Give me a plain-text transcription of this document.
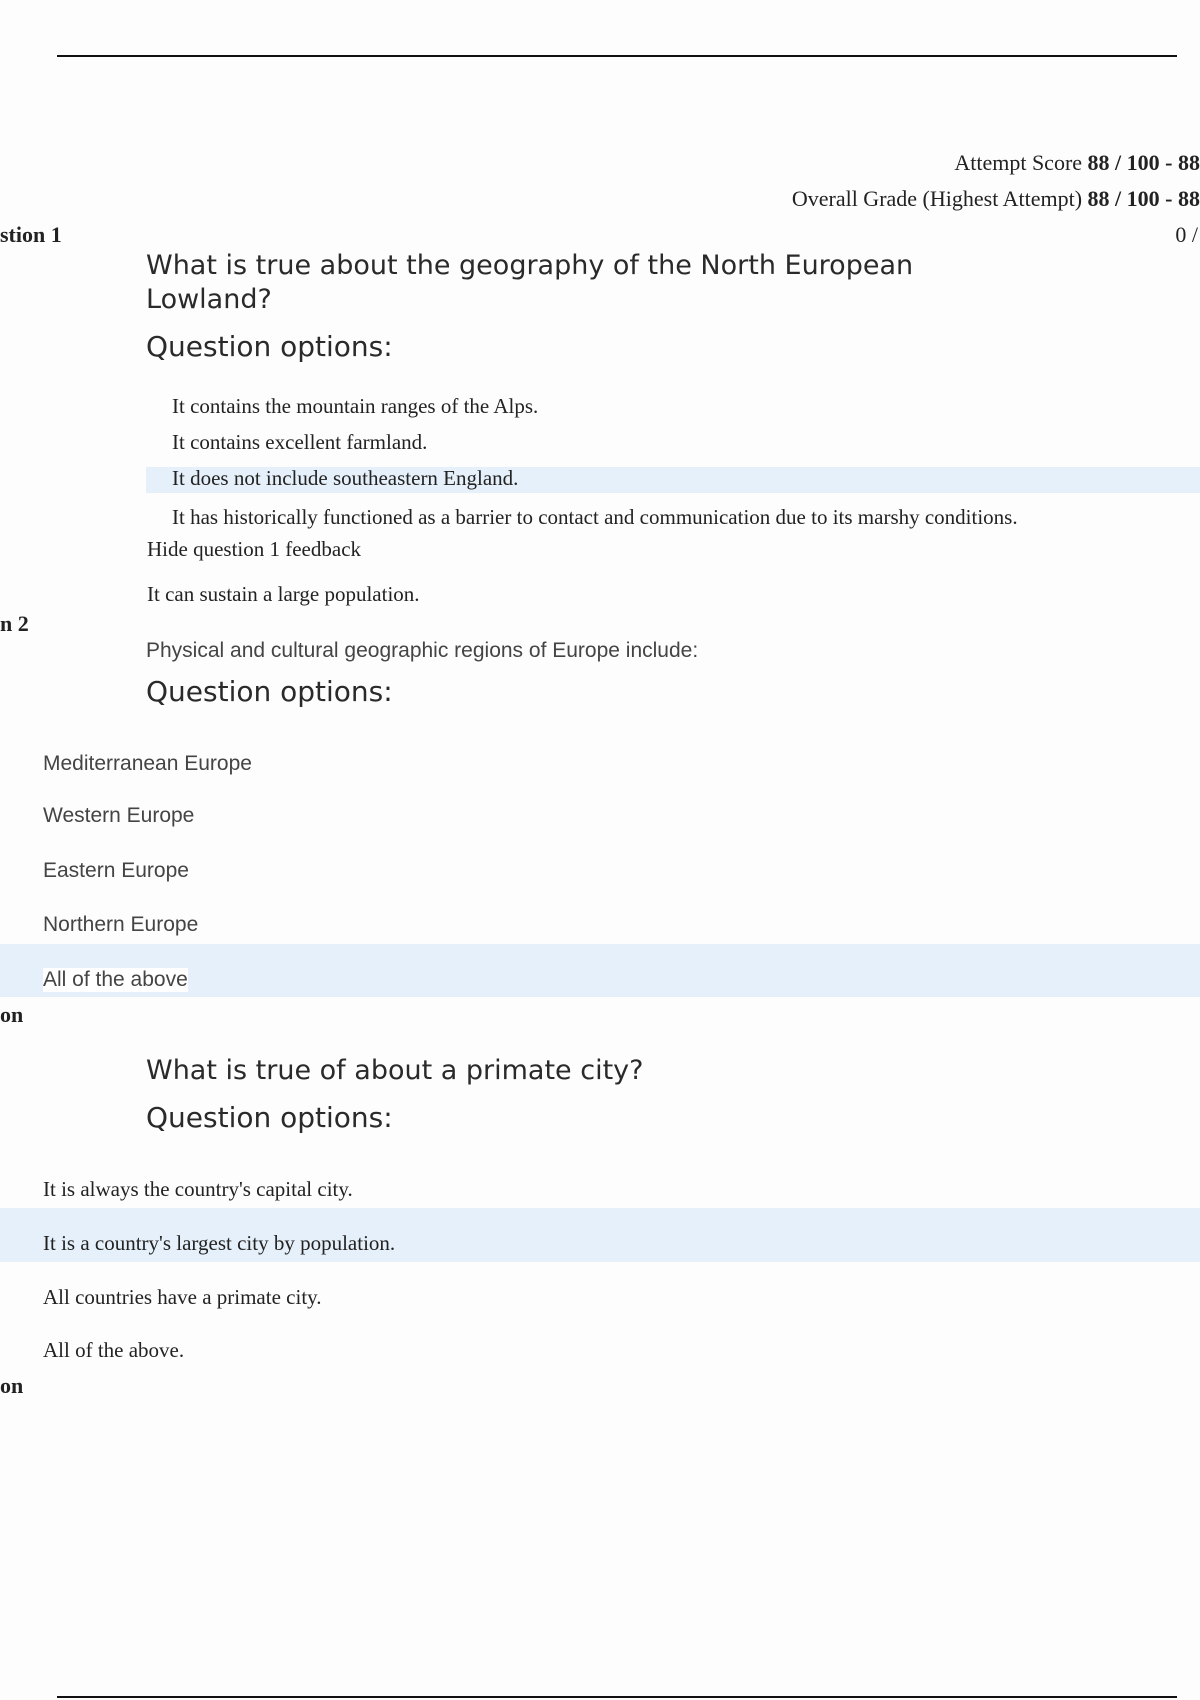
Attempt Score 88 / 100 - 88
Overall Grade (Highest Attempt) 88 / 100 - 88
stion 1	0 /
What is true about the geography of the North European
Lowland?
Question options:
It contains the mountain ranges of the Alps.
It contains excellent farmland.
It does not include southeastern England.
It has historically functioned as a barrier to contact and communication due to its marshy conditions.
Hide question 1 feedback
It can sustain a large population.
n 2
Physical and cultural geographic regions of Europe include:
Question options:
Mediterranean Europe
Western Europe
Eastern Europe
Northern Europe
All of the above
on
What is true of about a primate city?
Question options:
It is always the country's capital city.
It is a country's largest city by population.
All countries have a primate city.
All of the above.
on
